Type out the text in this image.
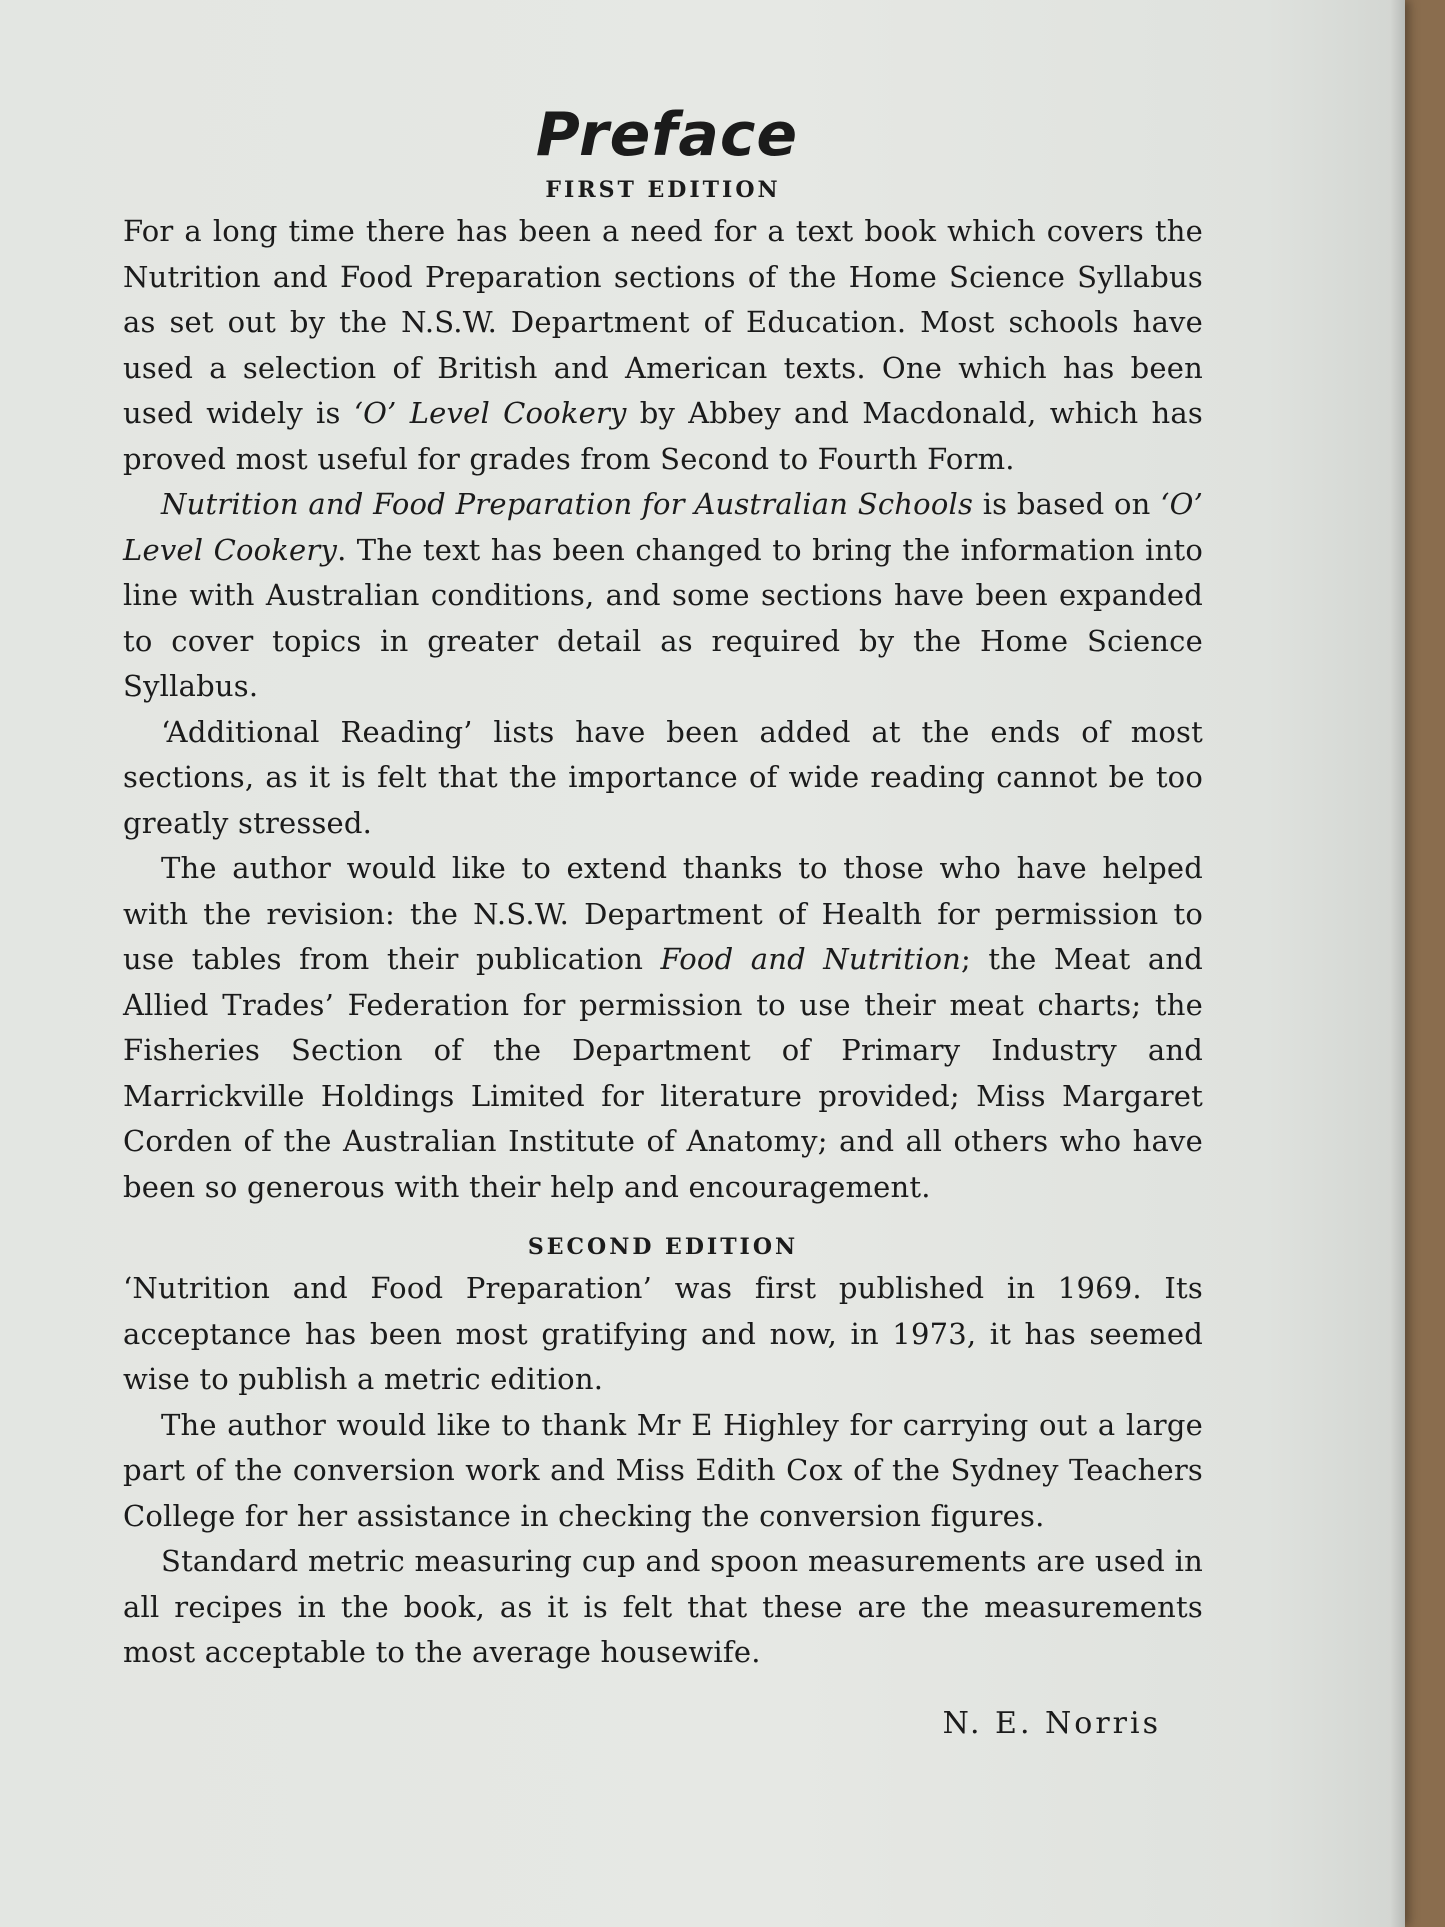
Preface
FIRST EDITION

For a long time there has been a need for a text book which covers the Nutrition and Food Preparation sections of the Home Science Syllabus as set out by the N.S.W. Department of Education. Most schools have used a selection of British and American texts. One which has been used widely is ‘O’ Level Cookery by Abbey and Macdonald, which has proved most useful for grades from Second to Fourth Form.

Nutrition and Food Preparation for Australian Schools is based on ‘O’ Level Cookery. The text has been changed to bring the information into line with Australian conditions, and some sections have been expanded to cover topics in greater detail as required by the Home Science Syllabus.

‘Additional Reading’ lists have been added at the ends of most sections, as it is felt that the importance of wide reading cannot be too greatly stressed.

The author would like to extend thanks to those who have helped with the revision: the N.S.W. Department of Health for permission to use tables from their publication Food and Nutrition; the Meat and Allied Trades’ Federation for permission to use their meat charts; the Fisheries Section of the Department of Primary Industry and Marrickville Holdings Limited for literature provided; Miss Margaret Corden of the Australian Institute of Anatomy; and all others who have been so generous with their help and encouragement.

SECOND EDITION

‘Nutrition and Food Preparation’ was first published in 1969. Its acceptance has been most gratifying and now, in 1973, it has seemed wise to publish a metric edition.

The author would like to thank Mr E Highley for carrying out a large part of the conversion work and Miss Edith Cox of the Sydney Teachers College for her assistance in checking the conversion figures.

Standard metric measuring cup and spoon measurements are used in all recipes in the book, as it is felt that these are the measurements most acceptable to the average housewife.

N. E. Norris
